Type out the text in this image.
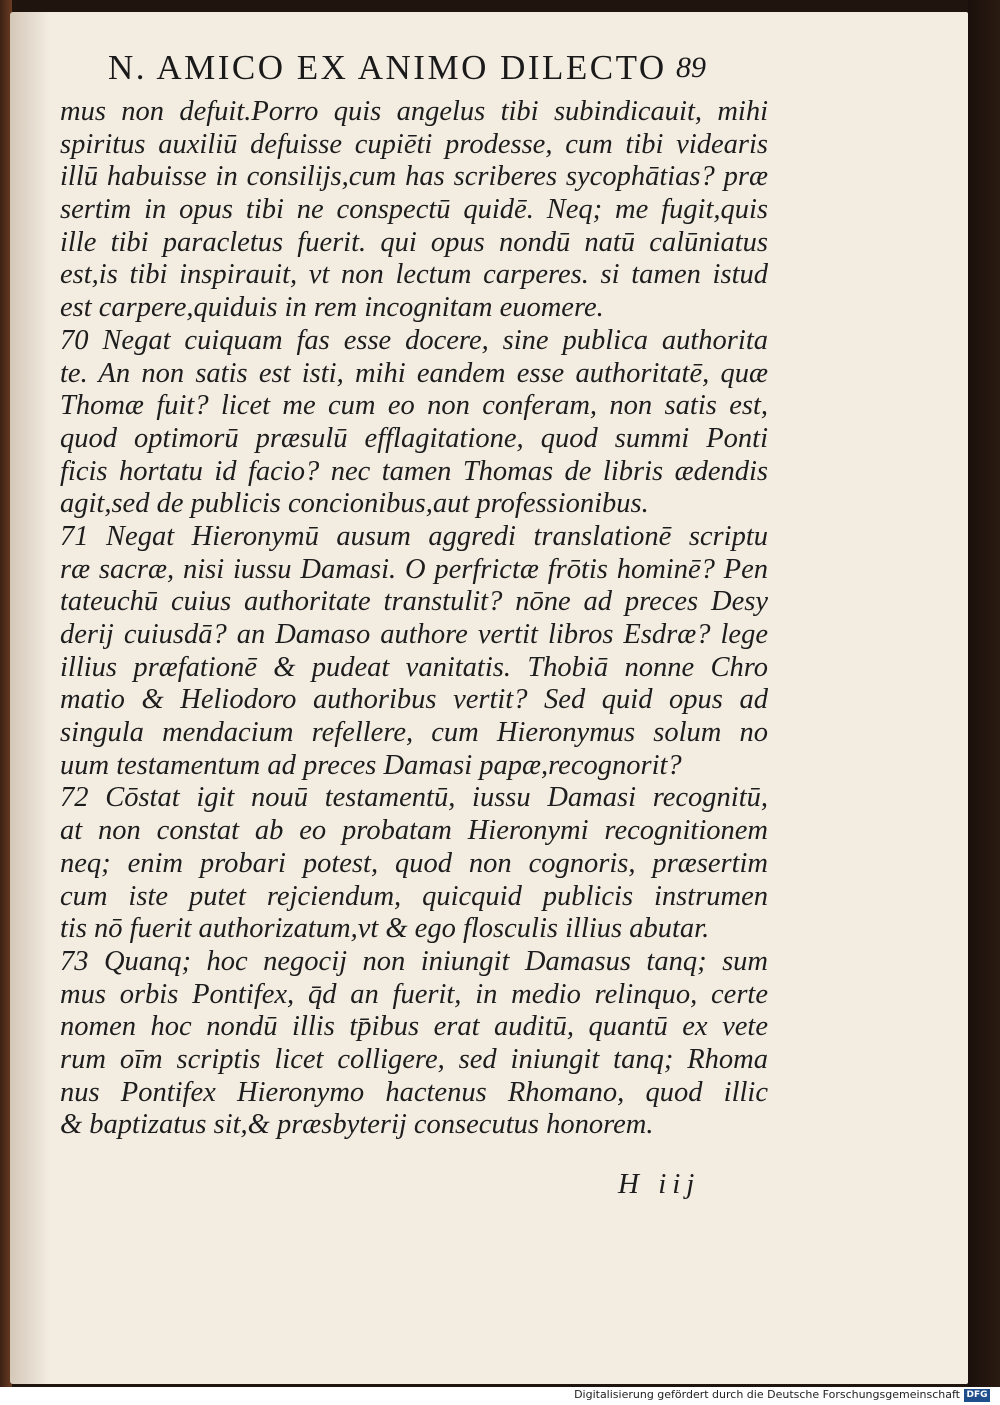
N. AMICO EX ANIMO DILECTO 89
mus non defuit.Porro quis angelus tibi subindicauit, mihi
spiritus auxiliū defuisse cupiēti prodesse, cum tibi videaris
illū habuisse in consilijs,cum has scriberes sycophātias? præ
sertim in opus tibi ne conspectū quidē. Neq; me fugit,quis
ille tibi paracletus fuerit. qui opus nondū natū calūniatus
est,is tibi inspirauit, vt non lectum carperes. si tamen istud
est carpere,quiduis in rem incognitam euomere.
70 Negat cuiquam fas esse docere, sine publica authorita
te. An non satis est isti, mihi eandem esse authoritatē, quæ
Thomæ fuit? licet me cum eo non conferam, non satis est,
quod optimorū præsulū efflagitatione, quod summi Ponti
ficis hortatu id facio? nec tamen Thomas de libris ædendis
agit,sed de publicis concionibus,aut professionibus.
71 Negat Hieronymū ausum aggredi translationē scriptu
ræ sacræ, nisi iussu Damasi. O perfrictæ frōtis hominē? Pen
tateuchū cuius authoritate transtulit? nōne ad preces Desy
derij cuiusdā? an Damaso authore vertit libros Esdræ? lege
illius præfationē & pudeat vanitatis. Thobiā nonne Chro
matio & Heliodoro authoribus vertit? Sed quid opus ad
singula mendacium refellere, cum Hieronymus solum no
uum testamentum ad preces Damasi papæ,recognorit?
72 Cōstat igit nouū testamentū, iussu Damasi recognitū,
at non constat ab eo probatam Hieronymi recognitionem
neq; enim probari potest, quod non cognoris, præsertim
cum iste putet rejciendum, quicquid publicis instrumen
tis nō fuerit authorizatum,vt & ego flosculis illius abutar.
73 Quanq; hoc negocij non iniungit Damasus tanq; sum
mus orbis Pontifex, q̄d an fuerit, in medio relinquo, certe
nomen hoc nondū illis tp̄ibus erat auditū, quantū ex vete
rum oīm scriptis licet colligere, sed iniungit tanq; Rhoma
nus Pontifex Hieronymo hactenus Rhomano, quod illic
& baptizatus sit,& præsbyterij consecutus honorem.
H iij
Digitalisierung gefördert durch die Deutsche Forschungsgemeinschaft DFG
